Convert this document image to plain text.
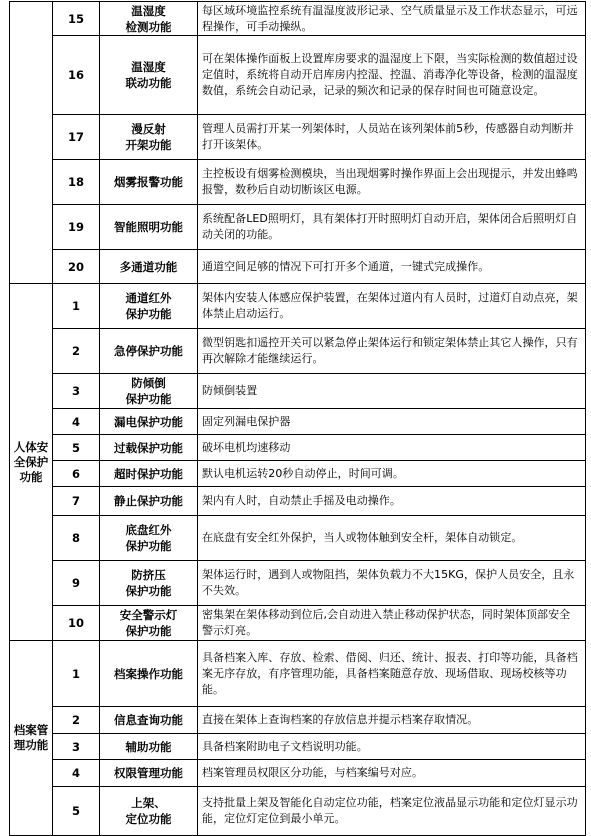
	15	温湿度
检测功能	每区域环境监控系统有温湿度波形记录、空气质量显示及工作状态显示，可远程操作，可手动操纵。
	16	温湿度
联动功能	可在架体操作面板上设置库房要求的温湿度上下限，当实际检测的数值超过设定值时，系统将自动开启库房内控湿、控温、消毒净化等设备，检测的温湿度数值，系统会自动记录，记录的频次和记录的保存时间也可随意设定。
	17	漫反射
开架功能	管理人员需打开某一列架体时，人员站在该列架体前5秒，传感器自动判断并打开该架体。
	18	烟雾报警功能	主控板设有烟雾检测模块，当出现烟雾时操作界面上会出现提示，并发出蜂鸣报警，数秒后自动切断该区电源。
	19	智能照明功能	系统配备LED照明灯，具有架体打开时照明灯自动开启，架体闭合后照明灯自动关闭的功能。
	20	多通道功能	通道空间足够的情况下可打开多个通道，一键式完成操作。
人体安全保护功能	1	通道红外
保护功能	架体内安装人体感应保护装置，在架体过道内有人员时，过道灯自动点亮，架体禁止启动运行。
	2	急停保护功能	微型钥匙扣遥控开关可以紧急停止架体运行和锁定架体禁止其它人操作，只有再次解除才能继续运行。
	3	防倾倒
保护功能	防倾倒装置
	4	漏电保护功能	固定列漏电保护器
	5	过载保护功能	破坏电机均速移动
	6	超时保护功能	默认电机运转20秒自动停止，时间可调。
	7	静止保护功能	架内有人时，自动禁止手摇及电动操作。
	8	底盘红外
保护功能	在底盘有安全红外保护，当人或物体触到安全杆，架体自动锁定。
	9	防挤压
保护功能	架体运行时，遇到人或物阻挡，架体负载力不大15KG，保护人员安全，且永不失效。
	10	安全警示灯
保护功能	密集架在架体移动到位后,会自动进入禁止移动保护状态，同时架体顶部安全警示灯亮。
档案管理功能	1	档案操作功能	具备档案入库、存放、检索、借阅、归还、统计、报表、打印等功能，具备档案无序存放，有序管理功能，具备档案随意存放、现场借取、现场校核等功能。
	2	信息查询功能	直接在架体上查询档案的存放信息并提示档案存取情况。
	3	辅助功能	具备档案附助电子文档说明功能。
	4	权限管理功能	档案管理员权限区分功能，与档案编号对应。
	5	上架、
定位功能	支持批量上架及智能化自动定位功能，档案定位液晶显示功能和定位灯显示功能，定位灯定位到最小单元。
